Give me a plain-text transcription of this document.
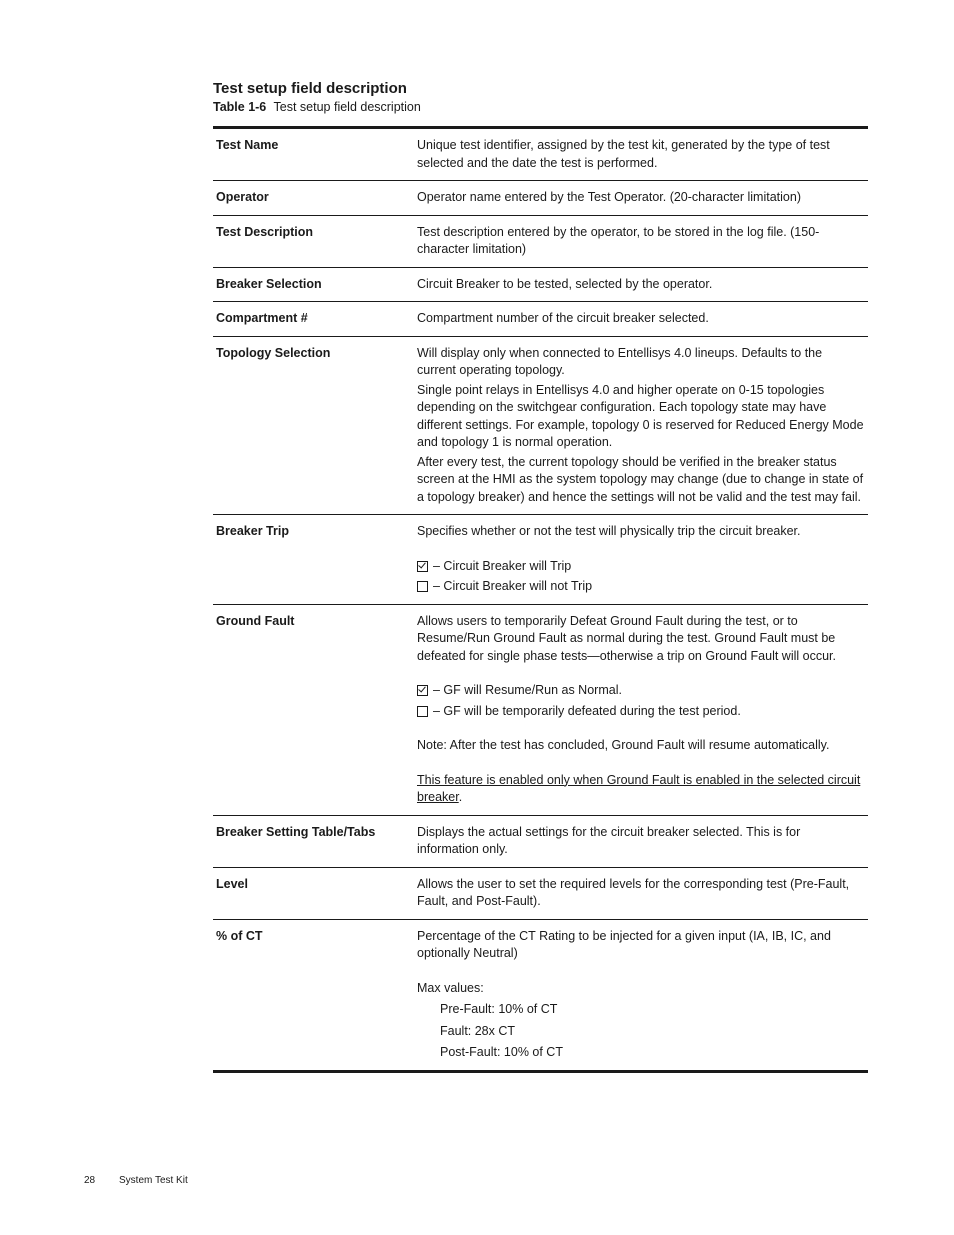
Test setup field description
Table 1-6 Test setup field description
Test Name	Unique test identifier, assigned by the test kit, generated by the type of test selected and the date the test is performed.

Operator	Operator name entered by the Test Operator. (20-character limitation)

Test Description	Test description entered by the operator, to be stored in the log file. (150-character limitation)

Breaker Selection	Circuit Breaker to be tested, selected by the operator.

Compartment #	Compartment number of the circuit breaker selected.

Topology Selection	Will display only when connected to Entellisys 4.0 lineups. Defaults to the current operating topology.

Single point relays in Entellisys 4.0 and higher operate on 0-15 topologies depending on the switchgear configuration. Each topology state may have different settings. For example, topology 0 is reserved for Reduced Energy Mode and topology 1 is normal operation.

After every test, the current topology should be verified in the breaker status screen at the HMI as the system topology may change (due to change in state of a topology breaker) and hence the settings will not be valid and the test may fail.

Breaker Trip	Specifies whether or not the test will physically trip the circuit breaker.

– Circuit Breaker will Trip
– Circuit Breaker will not Trip
Ground Fault	Allows users to temporarily Defeat Ground Fault during the test, or to Resume/Run Ground Fault as normal during the test. Ground Fault must be defeated for single phase tests—otherwise a trip on Ground Fault will occur.

– GF will Resume/Run as Normal.
– GF will be temporarily defeated during the test period.

Note: After the test has concluded, Ground Fault will resume automatically.

This feature is enabled only when Ground Fault is enabled in the selected circuit breaker.

Breaker Setting Table/Tabs	Displays the actual settings for the circuit breaker selected. This is for information only.

Level	Allows the user to set the required levels for the corresponding test (Pre-Fault, Fault, and Post-Fault).

% of CT	Percentage of the CT Rating to be injected for a given input (IA, IB, IC, and optionally Neutral)

Max values:

Pre-Fault: 10% of CT

Fault: 28x CT

Post-Fault: 10% of CT

28 System Test Kit
